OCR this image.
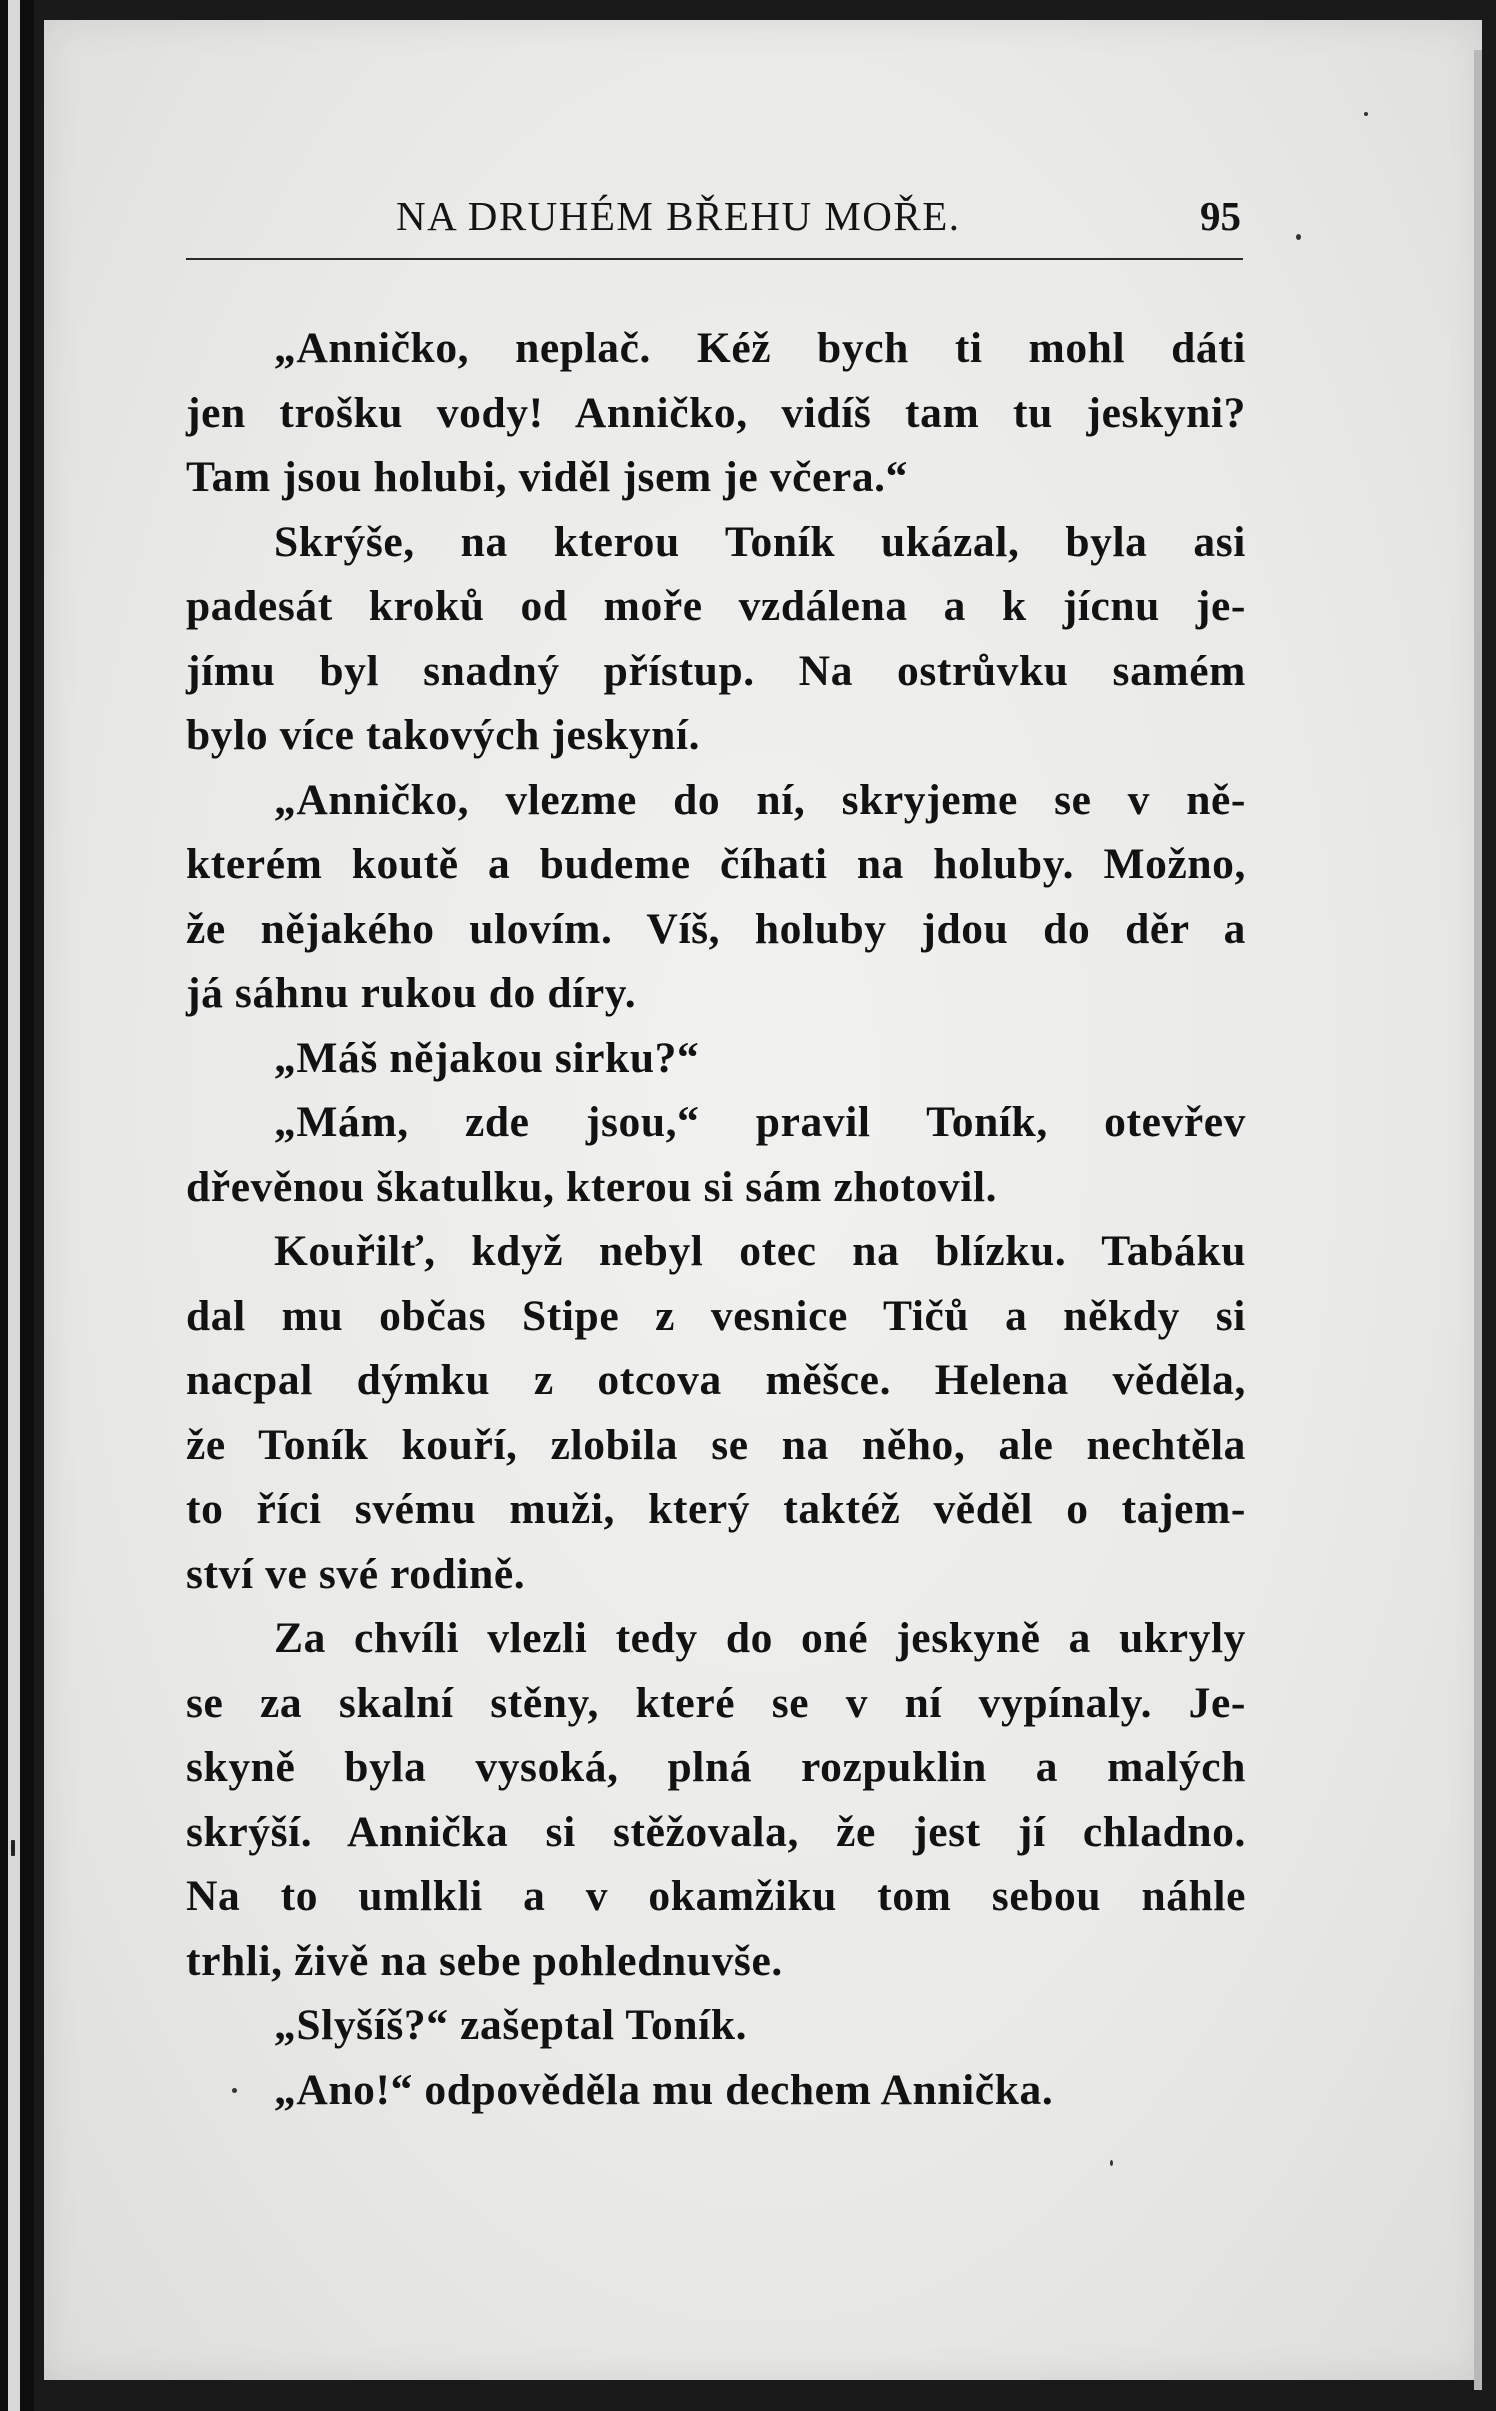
NA DRUHÉM BŘEHU MOŘE.	95
„Anničko, neplač. Kéž bych ti mohl dáti
jen trošku vody! Anničko, vidíš tam tu jeskyni?
Tam jsou holubi, viděl jsem je včera.“
Skrýše, na kterou Toník ukázal, byla asi
padesát kroků od moře vzdálena a k jícnu je-
jímu byl snadný přístup. Na ostrůvku samém
bylo více takových jeskyní.
„Anničko, vlezme do ní, skryjeme se v ně-
kterém koutě a budeme číhati na holuby. Možno,
že nějakého ulovím. Víš, holuby jdou do děr a
já sáhnu rukou do díry.
„Máš nějakou sirku?“
„Mám, zde jsou,“ pravil Toník, otevřev
dřevěnou škatulku, kterou si sám zhotovil.
Kouřilť, když nebyl otec na blízku. Tabáku
dal mu občas Stipe z vesnice Tičů a někdy si
nacpal dýmku z otcova měšce. Helena věděla,
že Toník kouří, zlobila se na něho, ale nechtěla
to říci svému muži, který taktéž věděl o tajem-
ství ve své rodině.
Za chvíli vlezli tedy do oné jeskyně a ukryly
se za skalní stěny, které se v ní vypínaly. Je-
skyně byla vysoká, plná rozpuklin a malých
skrýší. Annička si stěžovala, že jest jí chladno.
Na to umlkli a v okamžiku tom sebou náhle
trhli, živě na sebe pohlednuvše.
„Slyšíš?“ zašeptal Toník.
„Ano!“ odpověděla mu dechem Annička.
